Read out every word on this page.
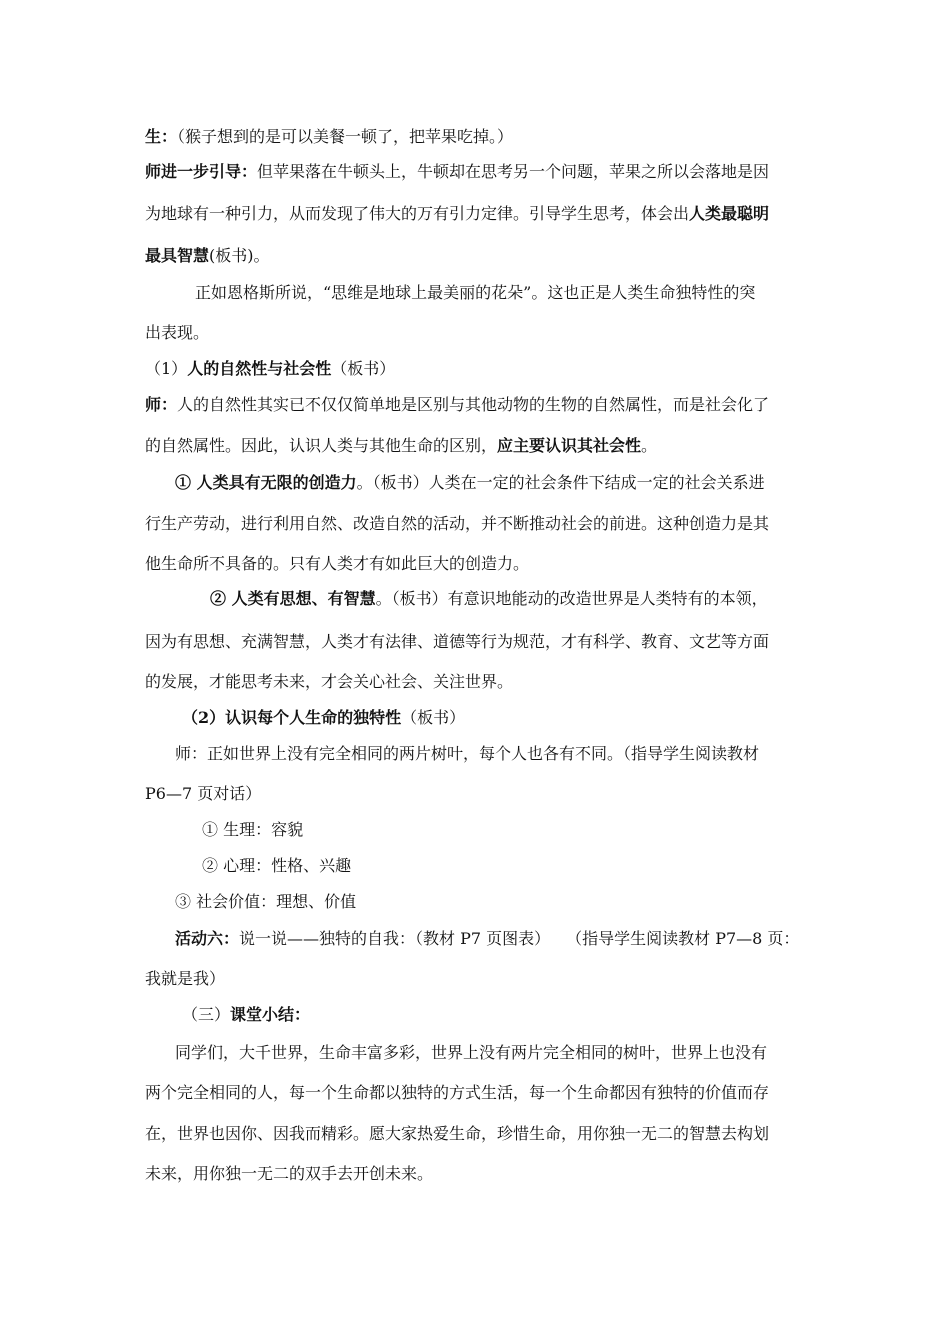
生：（猴子想到的是可以美餐一顿了，把苹果吃掉。）
师进一步引导：但苹果落在牛顿头上，牛顿却在思考另一个问题，苹果之所以会落地是因
为地球有一种引力，从而发现了伟大的万有引力定律。引导学生思考，体会出人类最聪明
最具智慧(板书)。
正如恩格斯所说，“思维是地球上最美丽的花朵”。这也正是人类生命独特性的突
出表现。
（1）人的自然性与社会性（板书）
师：人的自然性其实已不仅仅简单地是区别与其他动物的生物的自然属性，而是社会化了
的自然属性。因此，认识人类与其他生命的区别，应主要认识其社会性。
① 人类具有无限的创造力。（板书）人类在一定的社会条件下结成一定的社会关系进
行生产劳动，进行利用自然、改造自然的活动，并不断推动社会的前进。这种创造力是其
他生命所不具备的。只有人类才有如此巨大的创造力。
② 人类有思想、有智慧。（板书）有意识地能动的改造世界是人类特有的本领，
因为有思想、充满智慧，人类才有法律、道德等行为规范，才有科学、教育、文艺等方面
的发展，才能思考未来，才会关心社会、关注世界。
（2）认识每个人生命的独特性（板书）
师：正如世界上没有完全相同的两片树叶，每个人也各有不同。（指导学生阅读教材
P6—7 页对话）
① 生理：容貌
② 心理：性格、兴趣
③ 社会价值：理想、价值
活动六：说一说——独特的自我：（教材 P7 页图表）　　（指导学生阅读教材 P7—8 页：
我就是我）
（三）课堂小结：
同学们，大千世界，生命丰富多彩，世界上没有两片完全相同的树叶，世界上也没有
两个完全相同的人，每一个生命都以独特的方式生活，每一个生命都因有独特的价值而存
在，世界也因你、因我而精彩。愿大家热爱生命，珍惜生命，用你独一无二的智慧去构划
未来，用你独一无二的双手去开创未来。
